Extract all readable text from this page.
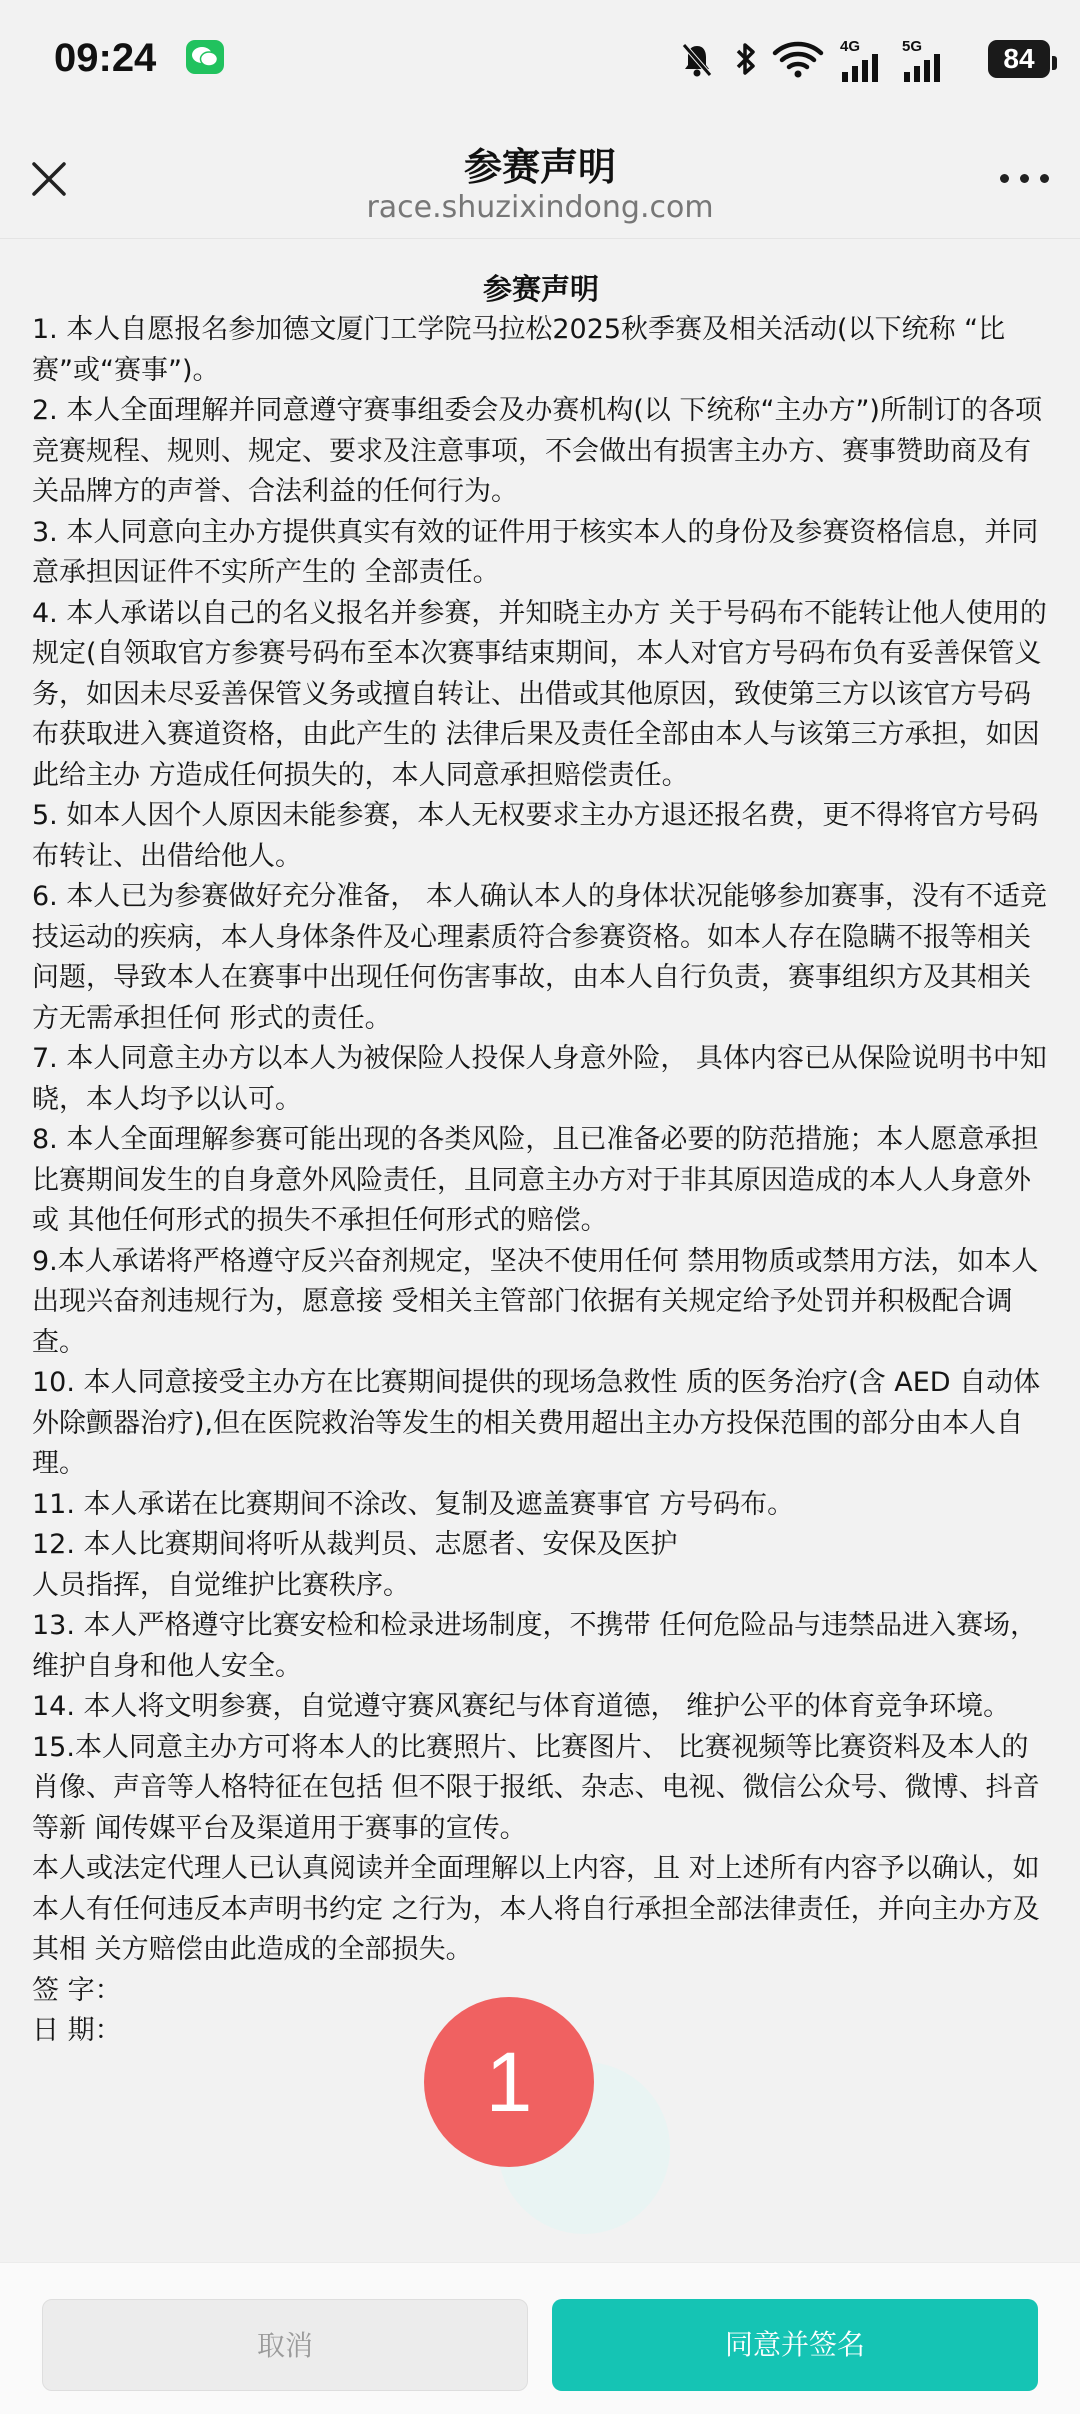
09:24	4G	5G	84
参赛声明
race.shuzixindong.com
参赛声明

1. 本人自愿报名参加德文厦门工学院马拉松2025秋季赛及相关活动(以下统称 “比赛”或“赛事”)。

2. 本人全面理解并同意遵守赛事组委会及办赛机构(以 下统称“主办方”)所制订的各项竞赛规程、规则、规定、要求及注意事项，不会做出有损害主办方、赛事赞助商及有关品牌方的声誉、合法利益的任何行为。

3. 本人同意向主办方提供真实有效的证件用于核实本人的身份及参赛资格信息，并同意承担因证件不实所产生的 全部责任。

4. 本人承诺以自己的名义报名并参赛，并知晓主办方 关于号码布不能转让他人使用的规定(自领取官方参赛号码布至本次赛事结束期间，本人对官方号码布负有妥善保管义务，如因未尽妥善保管义务或擅自转让、出借或其他原因，致使第三方以该官方号码布获取进入赛道资格，由此产生的 法律后果及责任全部由本人与该第三方承担，如因此给主办 方造成任何损失的，本人同意承担赔偿责任。

5. 如本人因个人原因未能参赛，本人无权要求主办方退还报名费，更不得将官方号码布转让、出借给他人。

6. 本人已为参赛做好充分准备， 本人确认本人的身体状况能够参加赛事，没有不适竞技运动的疾病，本人身体条件及心理素质符合参赛资格。如本人存在隐瞒不报等相关问题，导致本人在赛事中出现任何伤害事故，由本人自行负责，赛事组织方及其相关方无需承担任何 形式的责任。

7. 本人同意主办方以本人为被保险人投保人身意外险， 具体内容已从保险说明书中知晓，本人均予以认可。

8. 本人全面理解参赛可能出现的各类风险，且已准备必要的防范措施；本人愿意承担比赛期间发生的自身意外风险责任，且同意主办方对于非其原因造成的本人人身意外或 其他任何形式的损失不承担任何形式的赔偿。

9.本人承诺将严格遵守反兴奋剂规定，坚决不使用任何 禁用物质或禁用方法，如本人出现兴奋剂违规行为，愿意接 受相关主管部门依据有关规定给予处罚并积极配合调查。

10. 本人同意接受主办方在比赛期间提供的现场急救性 质的医务治疗(含 AED 自动体外除颤器治疗),但在医院救治等发生的相关费用超出主办方投保范围的部分由本人自理。

11. 本人承诺在比赛期间不涂改、复制及遮盖赛事官 方号码布。

12. 本人比赛期间将听从裁判员、志愿者、安保及医护
人员指挥，自觉维护比赛秩序。

13. 本人严格遵守比赛安检和检录进场制度，不携带 任何危险品与违禁品进入赛场，维护自身和他人安全。

14. 本人将文明参赛，自觉遵守赛风赛纪与体育道德， 维护公平的体育竞争环境。

15.本人同意主办方可将本人的比赛照片、比赛图片、 比赛视频等比赛资料及本人的肖像、声音等人格特征在包括 但不限于报纸、杂志、电视、微信公众号、微博、抖音等新 闻传媒平台及渠道用于赛事的宣传。

本人或法定代理人已认真阅读并全面理解以上内容，且 对上述所有内容予以确认，如本人有任何违反本声明书约定 之行为，本人将自行承担全部法律责任，并向主办方及其相 关方赔偿由此造成的全部损失。

签 字：

日 期：

1
取消	同意并签名
